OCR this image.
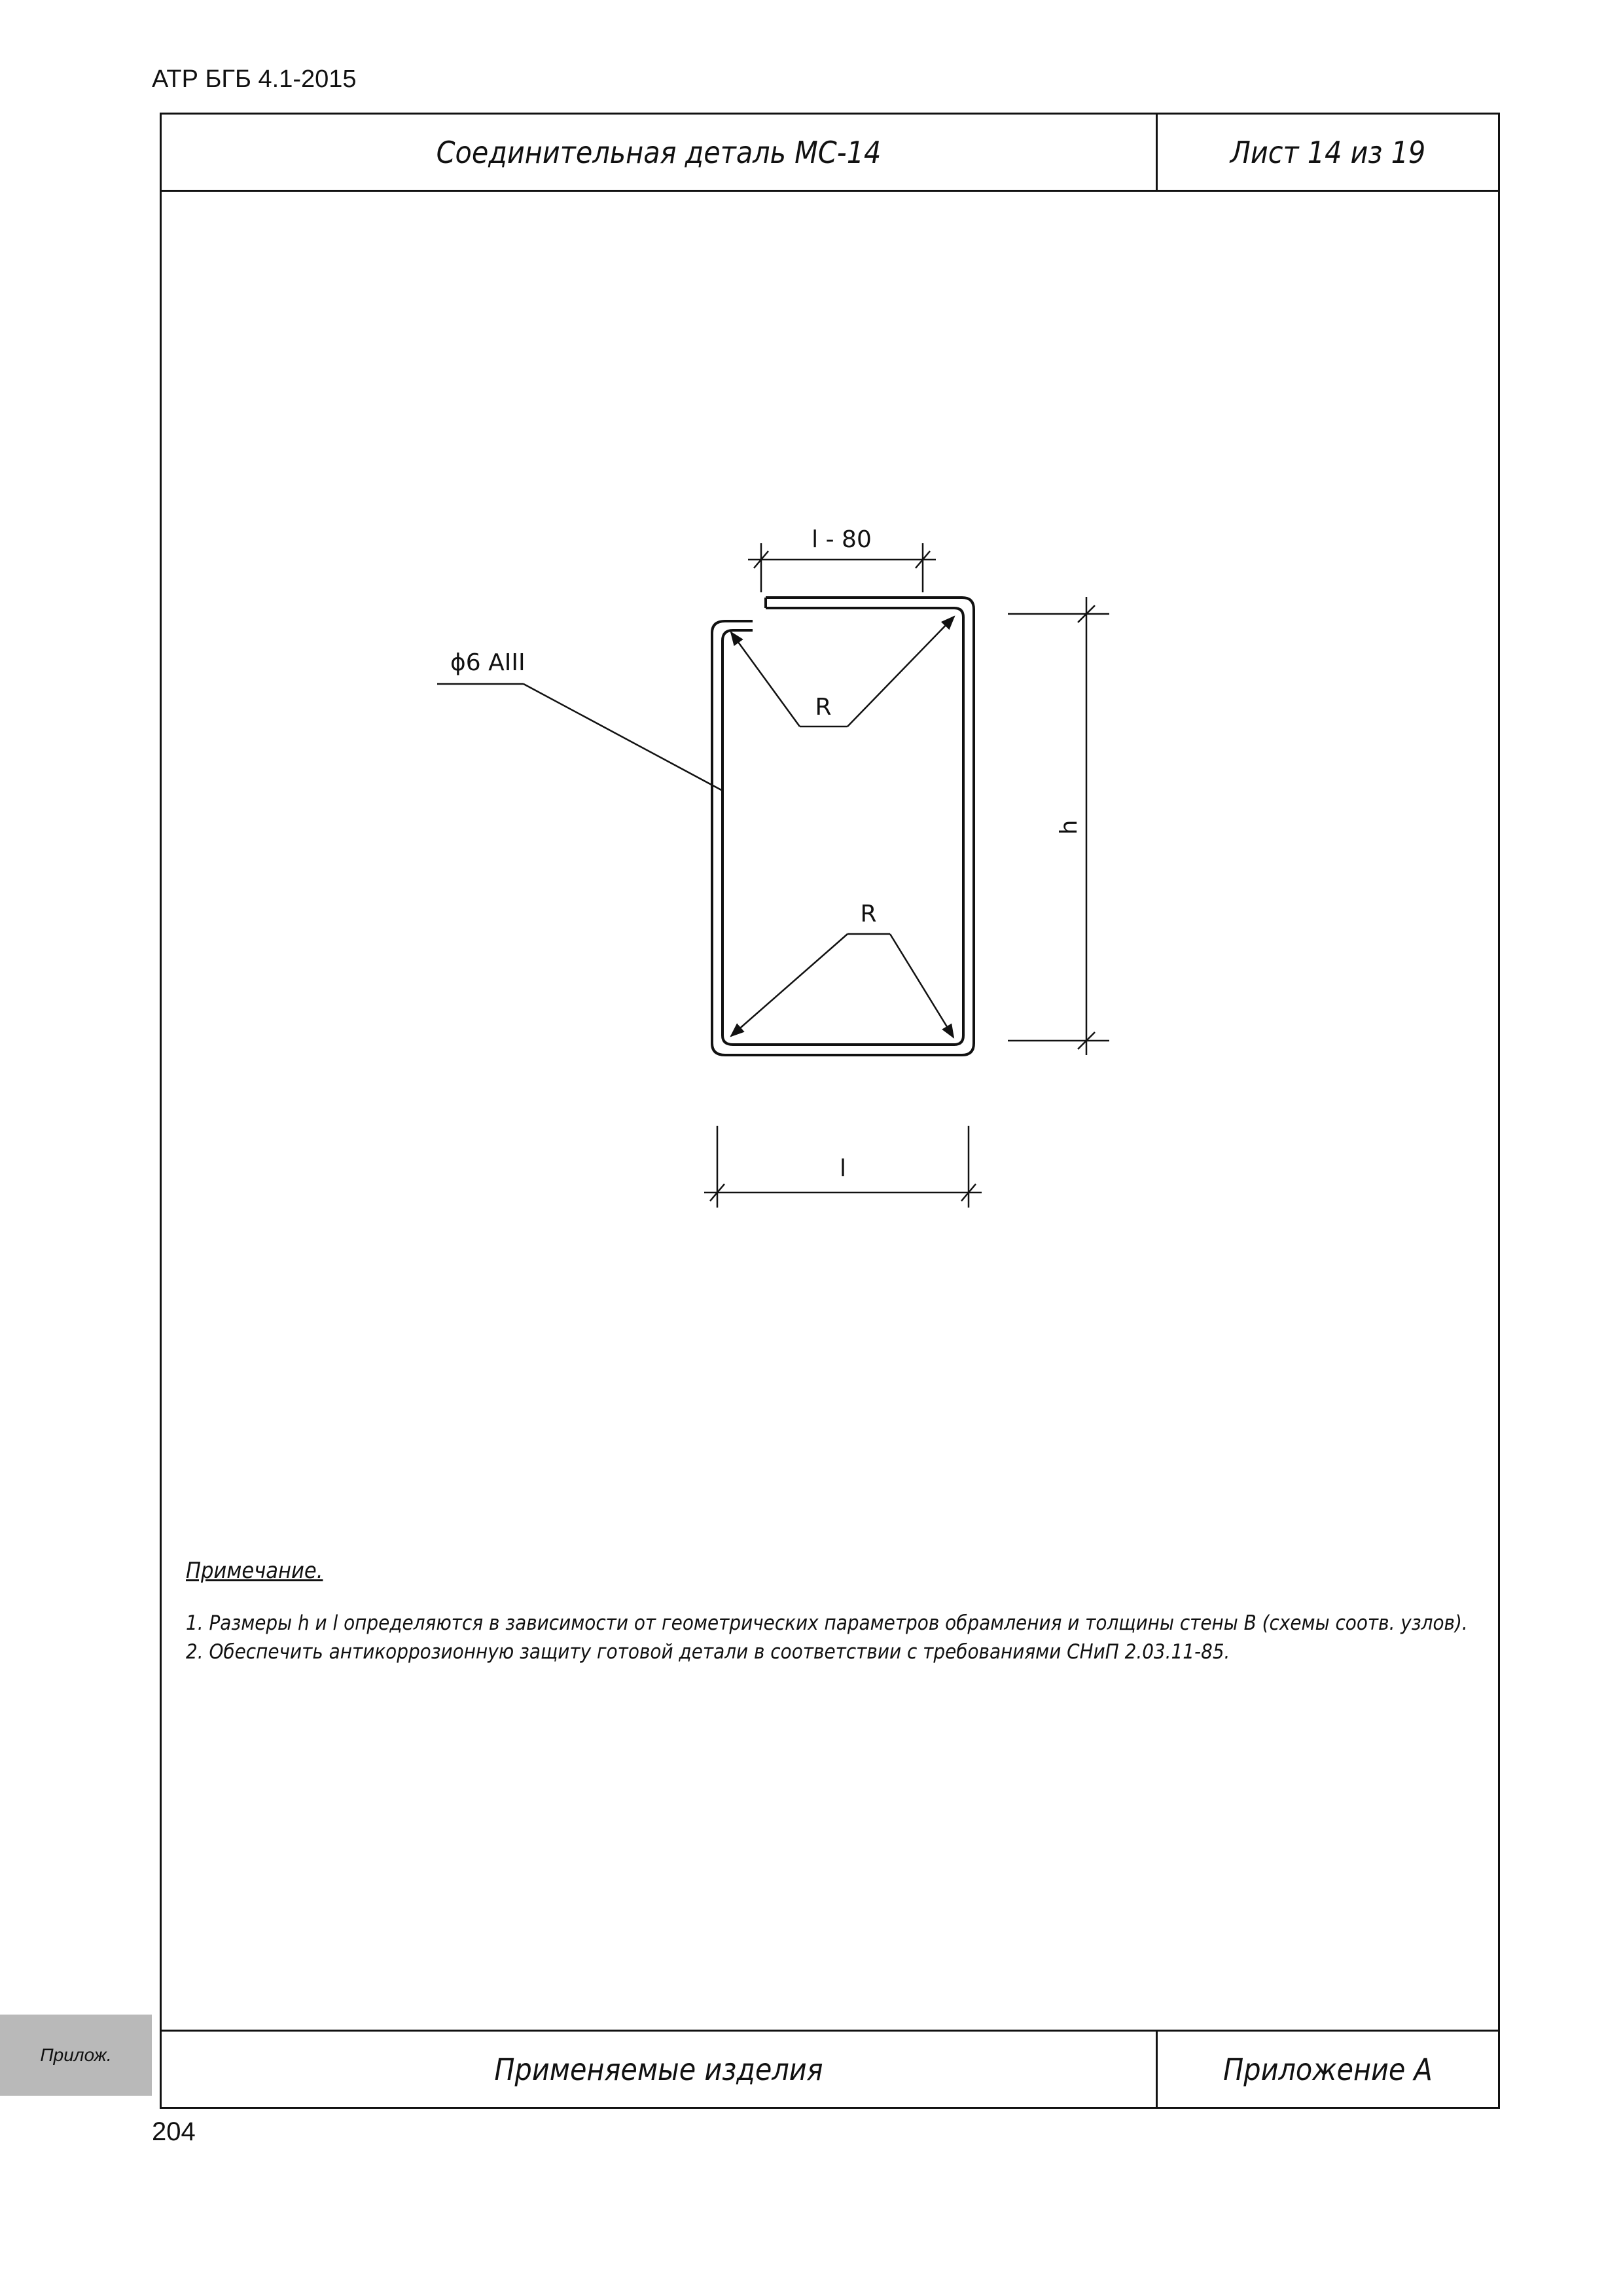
АТР БГБ 4.1-2015
Соединительная деталь МС-14	Лист 14 из 19
Применяемые изделия	Приложение А
l - 80
h
l
R
R
ϕ6 AIII
Примечание.
1. Размеры h и l определяются в зависимости от геометрических параметров обрамления и толщины стены В (схемы соотв. узлов).
2. Обеспечить антикоррозионную защиту готовой детали в соответствии с требованиями СНиП 2.03.11-85.
Прилож.
204
